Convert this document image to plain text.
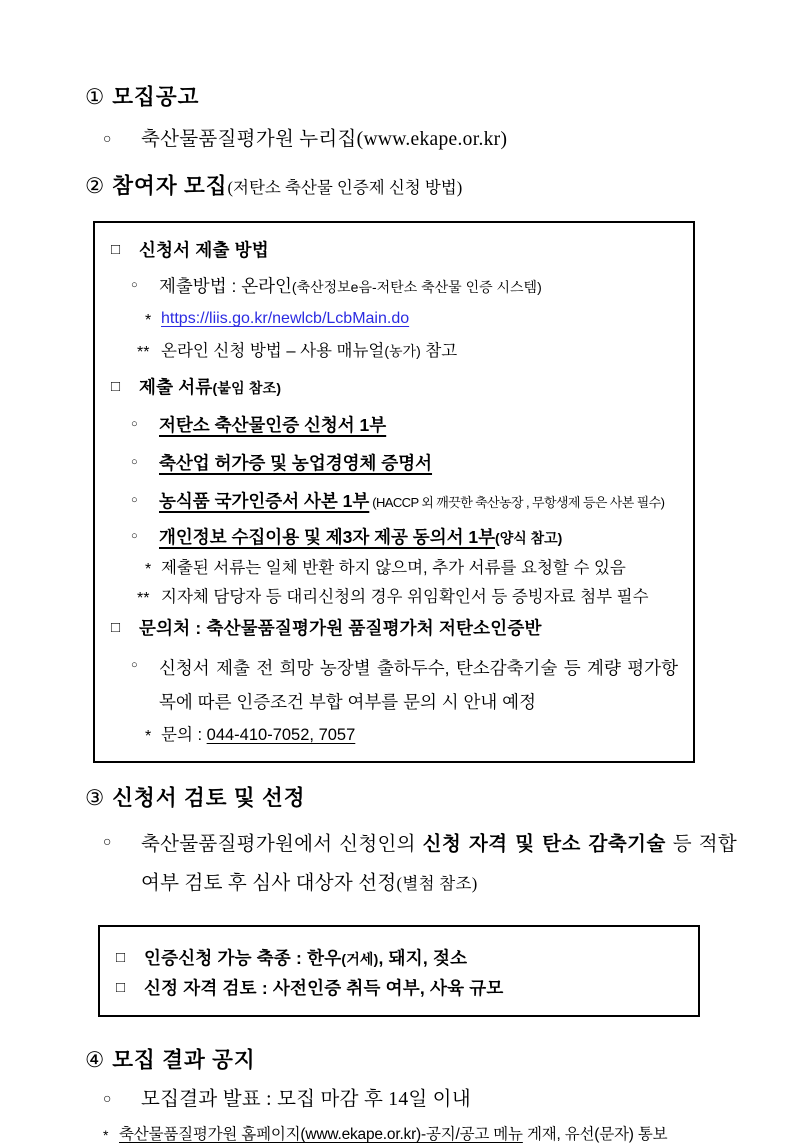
① 모집공고
○	축산물품질평가원 누리집(www.ekape.or.kr)
② 참여자 모집(저탄소 축산물 인증제 신청 방법)
□	신청서 제출 방법
○	제출방법 : 온라인(축산정보e음-저탄소 축산물 인증 시스템)
* https://liis.go.kr/newlcb/LcbMain.do
** 온라인 신청 방법 – 사용 매뉴얼(농가) 참고
□	제출 서류(붙임 참조)
○	저탄소 축산물인증 신청서 1부
○	축산업 허가증 및 농업경영체 증명서
○	농식품 국가인증서 사본 1부 (HACCP 외 깨끗한 축산농장 , 무항생제 등은 사본 필수)
○	개인정보 수집이용 및 제3자 제공 동의서 1부(양식 참고)
* 제출된 서류는 일체 반환 하지 않으며, 추가 서류를 요청할 수 있음
** 지자체 담당자 등 대리신청의 경우 위임확인서 등 증빙자료 첨부 필수
□	문의처 : 축산물품질평가원 품질평가처 저탄소인증반
○	신청서 제출 전 희망 농장별 출하두수, 탄소감축기술 등 계량 평가항목에 따른 인증조건 부합 여부를 문의 시 안내 예정
* 문의 : 044-410-7052, 7057
③ 신청서 검토 및 선정
○	축산물품질평가원에서 신청인의 신청 자격 및 탄소 감축기술 등 적합 여부 검토 후 심사 대상자 선정(별첨 참조)
□	인증신청 가능 축종 : 한우(거세), 돼지, 젖소
□	신정 자격 검토 : 사전인증 취득 여부, 사육 규모
④ 모집 결과 공지
○	모집결과 발표 : 모집 마감 후 14일 이내
* 축산물품질평가원 홈페이지(www.ekape.or.kr)-공지/공고 메뉴 게재, 유선(문자) 통보
